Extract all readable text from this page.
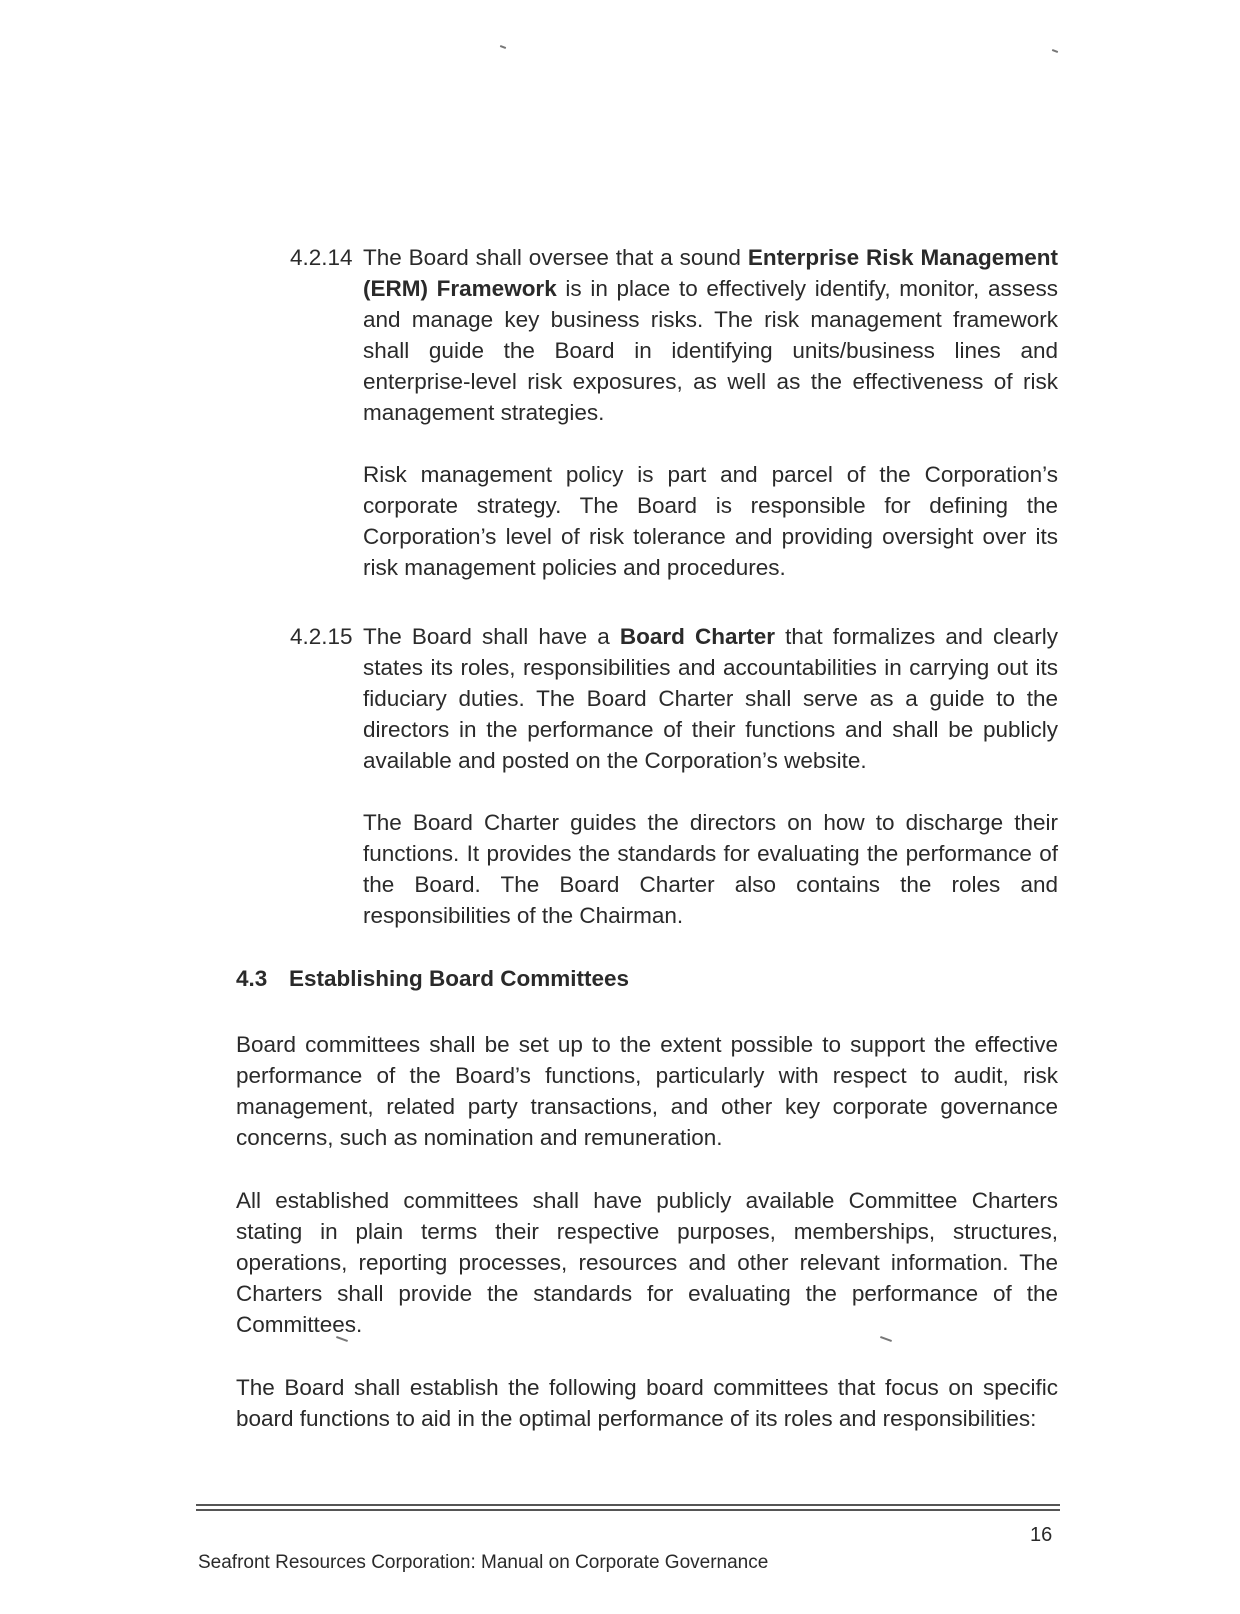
4.2.14 The Board shall oversee that a sound Enterprise Risk Management (ERM) Framework is in place to effectively identify, monitor, assess and manage key business risks. The risk management framework shall guide the Board in identifying units/business lines and enterprise-level risk exposures, as well as the effectiveness of risk management strategies.
Risk management policy is part and parcel of the Corporation’s corporate strategy. The Board is responsible for defining the Corporation’s level of risk tolerance and providing oversight over its risk management policies and procedures.
4.2.15 The Board shall have a Board Charter that formalizes and clearly states its roles, responsibilities and accountabilities in carrying out its fiduciary duties. The Board Charter shall serve as a guide to the directors in the performance of their functions and shall be publicly available and posted on the Corporation’s website.
The Board Charter guides the directors on how to discharge their functions. It provides the standards for evaluating the performance of the Board. The Board Charter also contains the roles and responsibilities of the Chairman.
4.3 Establishing Board Committees
Board committees shall be set up to the extent possible to support the effective performance of the Board’s functions, particularly with respect to audit, risk management, related party transactions, and other key corporate governance concerns, such as nomination and remuneration.
All established committees shall have publicly available Committee Charters stating in plain terms their respective purposes, memberships, structures, operations, reporting processes, resources and other relevant information. The Charters shall provide the standards for evaluating the performance of the Committees.
The Board shall establish the following board committees that focus on specific board functions to aid in the optimal performance of its roles and responsibilities:
16
Seafront Resources Corporation: Manual on Corporate Governance
